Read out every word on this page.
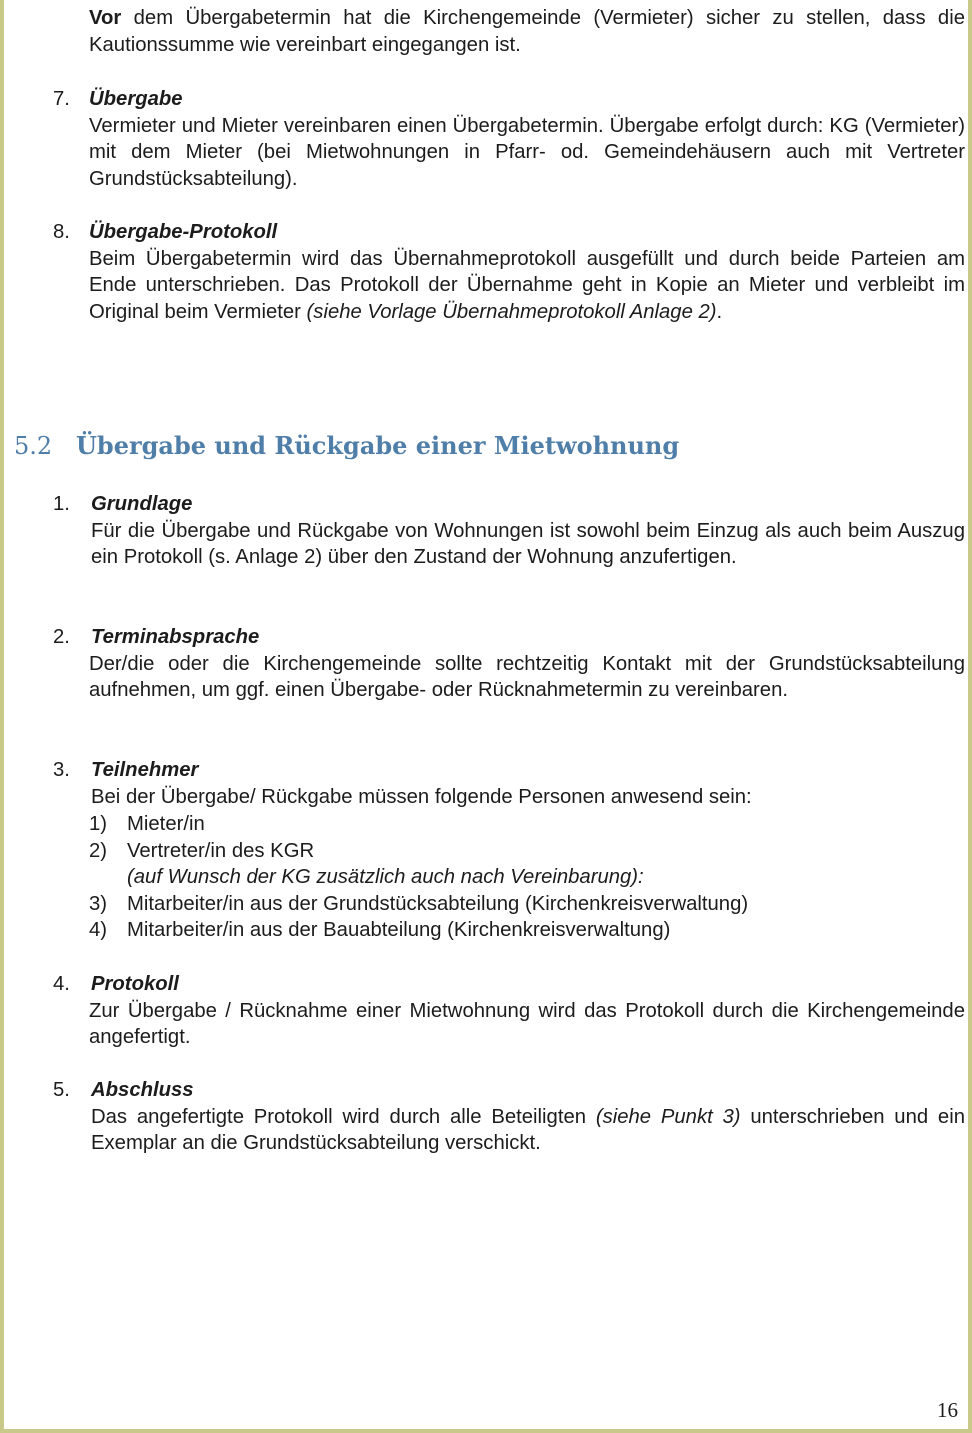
Vor dem Übergabetermin hat die Kirchengemeinde (Vermieter) sicher zu stellen, dass die Kautionssumme wie vereinbart eingegangen ist.
7. Übergabe
Vermieter und Mieter vereinbaren einen Übergabetermin. Übergabe erfolgt durch: KG (Vermieter) mit dem Mieter (bei Mietwohnungen in Pfarr- od. Gemeindehäusern auch mit Vertreter Grundstücksabteilung).
8. Übergabe-Protokoll
Beim Übergabetermin wird das Übernahmeprotokoll ausgefüllt und durch beide Parteien am Ende unterschrieben. Das Protokoll der Übernahme geht in Kopie an Mieter und verbleibt im Original beim Vermieter (siehe Vorlage Übernahmeprotokoll Anlage 2).
5.2 Übergabe und Rückgabe einer Mietwohnung
1. Grundlage
Für die Übergabe und Rückgabe von Wohnungen ist sowohl beim Einzug als auch beim Auszug ein Protokoll (s. Anlage 2) über den Zustand der Wohnung anzufertigen.
2. Terminabsprache
Der/die oder die Kirchengemeinde sollte rechtzeitig Kontakt mit der Grundstücksabteilung aufnehmen, um ggf. einen Übergabe- oder Rücknahmetermin zu vereinbaren.
3. Teilnehmer
Bei der Übergabe/ Rückgabe müssen folgende Personen anwesend sein:
1) Mieter/in
2) Vertreter/in des KGR
(auf Wunsch der KG zusätzlich auch nach Vereinbarung):
3) Mitarbeiter/in aus der Grundstücksabteilung (Kirchenkreisverwaltung)
4) Mitarbeiter/in aus der Bauabteilung (Kirchenkreisverwaltung)
4. Protokoll
Zur Übergabe / Rücknahme einer Mietwohnung wird das Protokoll durch die Kirchengemeinde angefertigt.
5. Abschluss
Das angefertigte Protokoll wird durch alle Beteiligten (siehe Punkt 3) unterschrieben und ein Exemplar an die Grundstücksabteilung verschickt.
16
